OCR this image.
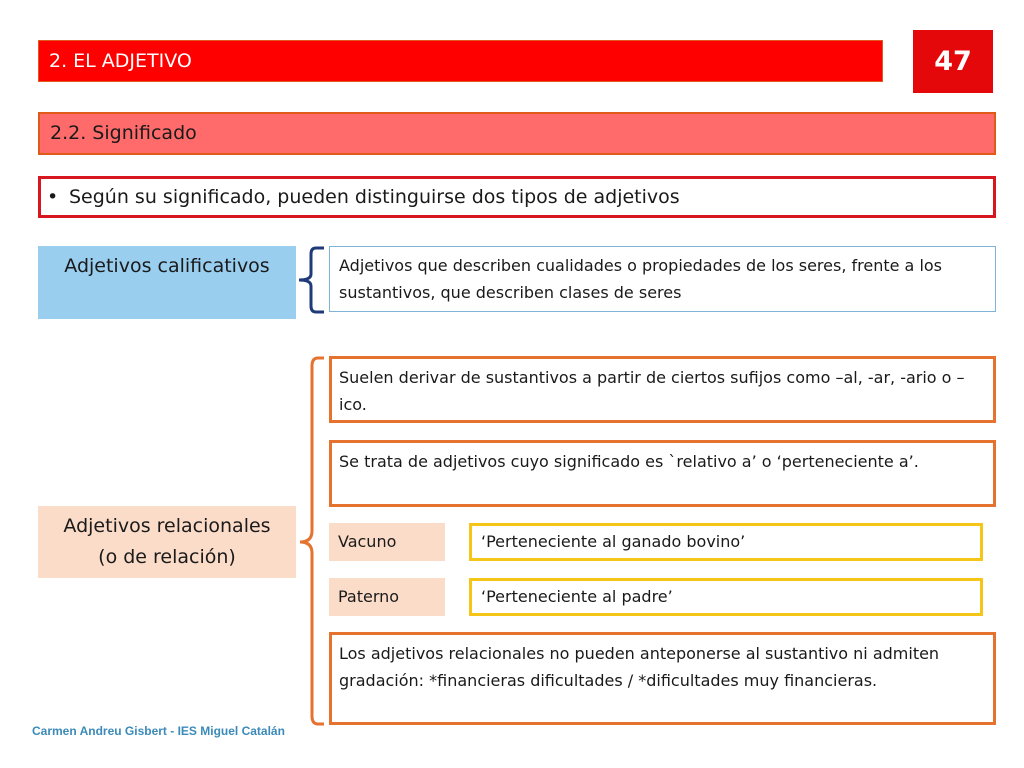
2. EL ADJETIVO	47
2.2. Significado
• Según su significado, pueden distinguirse dos tipos de adjetivos
Adjetivos calificativos	Adjetivos que describen cualidades o propiedades de los seres, frente a los sustantivos, que describen clases de seres
Adjetivos relacionales
(o de relación)
Suelen derivar de sustantivos a partir de ciertos sufijos como –al, -ar, -ario o –ico.
Se trata de adjetivos cuyo significado es `relativo a’ o ‘perteneciente a’.
Vacuno	‘Perteneciente al ganado bovino’
Paterno	‘Perteneciente al padre’
Los adjetivos relacionales no pueden anteponerse al sustantivo ni admiten gradación: *financieras dificultades / *dificultades muy financieras.
Carmen Andreu Gisbert - IES Miguel Catalán
